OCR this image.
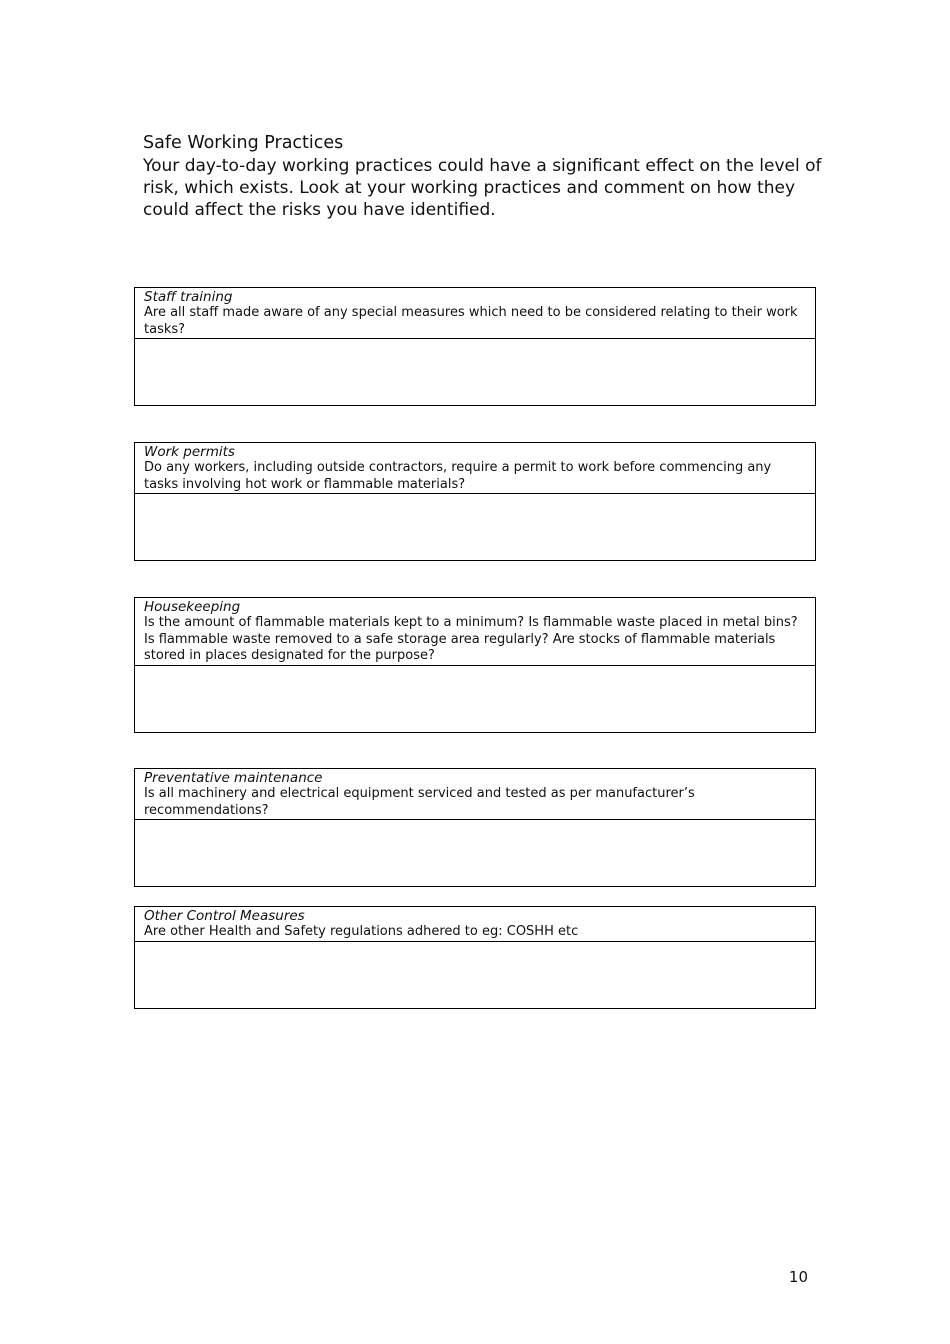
Safe Working Practices

Your day-to-day working practices could have a significant effect on the level of risk, which exists. Look at your working practices and comment on how they could affect the risks you have identified.

Staff training
Are all staff made aware of any special measures which need to be considered relating to their work tasks?
Work permits
Do any workers, including outside contractors, require a permit to work before commencing any tasks involving hot work or flammable materials?
Housekeeping
Is the amount of flammable materials kept to a minimum? Is flammable waste placed in metal bins? Is flammable waste removed to a safe storage area regularly? Are stocks of flammable materials stored in places designated for the purpose?
Preventative maintenance
Is all machinery and electrical equipment serviced and tested as per manufacturer’s recommendations?
Other Control Measures
Are other Health and Safety regulations adhered to eg: COSHH etc
10
